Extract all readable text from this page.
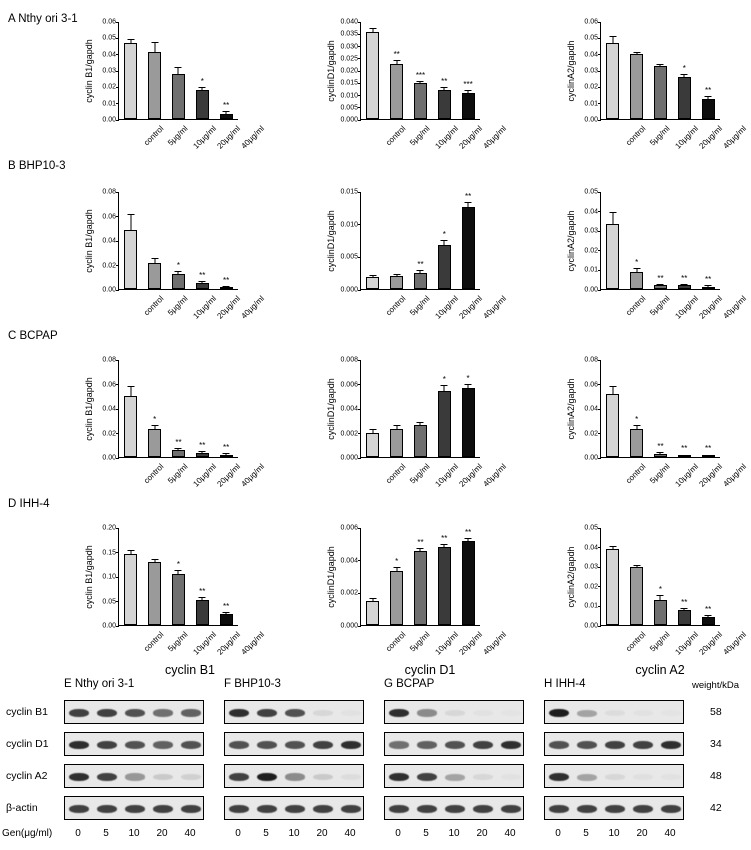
A Nthy ori 3-1
B BHP10-3
C BCPAP
D IHH-4
0.00
0.01
0.02
0.03
0.04
0.05
0.06
*
**
cyclin B1/gapdh
control 5μg/ml 10μg/ml
20μg/ml
40μg/ml
0.000
0.005
0.010
0.015
0.020
0.025
0.030
0.035
0.040
**
***
** ***
cyclinD1/gapdh
control 5μg/ml 10μg/ml
20μg/ml
40μg/ml
0.00
0.01
0.02
0.03
0.04
0.05
0.06
*
**
cyclinA2/gapdh
control 5μg/ml 10μg/ml
20μg/ml
40μg/ml
0.00
0.02
0.04
0.06
0.08
*
**
**
cyclin B1/gapdh
control 5μg/ml 10μg/ml
20μg/ml
40μg/ml
0.000
0.005
0.010
0.015
**
*
**
cyclinD1/gapdh
control 5μg/ml 10μg/ml
20μg/ml
40μg/ml
0.00
0.01
0.02
0.03
0.04
0.05
*
** ** **
cyclinA2/gapdh
control 5μg/ml 10μg/ml
20μg/ml
40μg/ml
0.00
0.02
0.04
0.06
0.08
*
** ** **
cyclin B1/gapdh
control 5μg/ml 10μg/ml
20μg/ml
40μg/ml
0.000
0.002
0.004
0.006
0.008
*	*
cyclinD1/gapdh
control 5μg/ml 10μg/ml
20μg/ml
40μg/ml
0.00
0.02
0.04
0.06
0.08
*
** ** **
cyclinA2/gapdh
control 5μg/ml 10μg/ml
20μg/ml
40μg/ml
0.00
0.05
0.10
0.15
0.20
*
**
**
cyclin B1/gapdh
control 5μg/ml 10μg/ml
20μg/ml
40μg/ml
0.000
0.002
0.004
0.006
*
** **
**
cyclinD1/gapdh
control 5μg/ml 10μg/ml
20μg/ml
40μg/ml
0.00
0.01
0.02
0.03
0.04
0.05
*
**
**
cyclinA2/gapdh
control 5μg/ml 10μg/ml
20μg/ml
40μg/ml
cyclin B1	cyclin D1	cyclin A2
E Nthy ori 3-1	F BHP10-3	G BCPAP	H IHH-4	weight/kDa
cyclin B1	58
cyclin D1	34
cyclin A2	48
β-actin	42
Gen(μg/ml)	0	5	10	20	40	0	5	10	20	40	0	5	10	20	40	0	5	10	20	40
